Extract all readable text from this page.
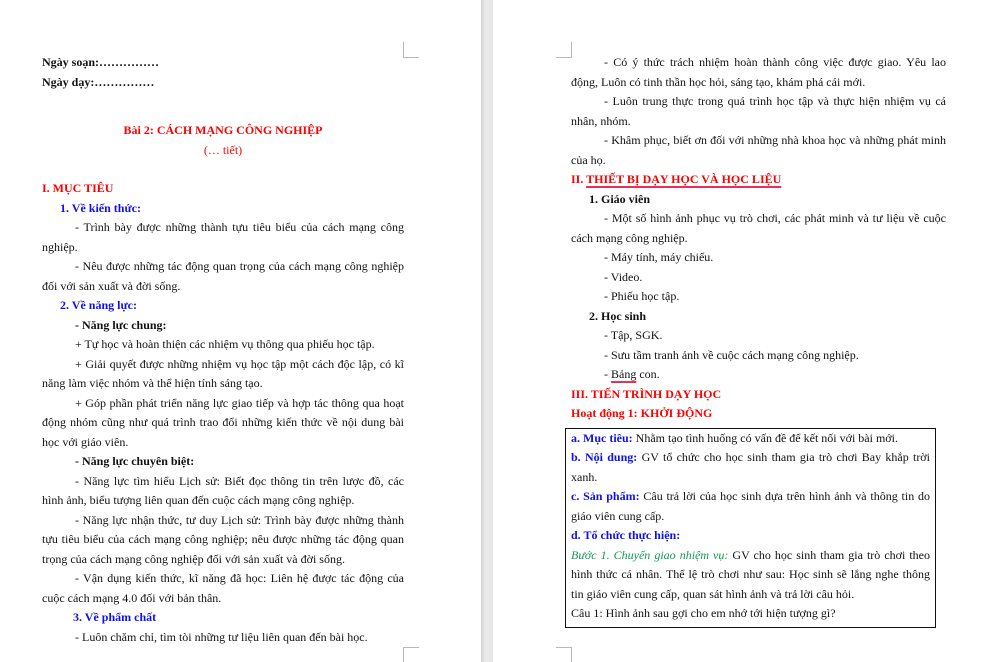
Ngày soạn:……………
Ngày dạy:……………
Bài 2: CÁCH MẠNG CÔNG NGHIỆP
(… tiết)
I. MỤC TIÊU
1. Về kiến thức:
- Trình bày được những thành tựu tiêu biểu của cách mạng công nghiệp.
- Nêu được những tác động quan trọng của cách mạng công nghiệp đối với sản xuất và đời sống.
2. Về năng lực:
- Năng lực chung:
+ Tự học và hoàn thiện các nhiệm vụ thông qua phiếu học tập.
+ Giải quyết được những nhiệm vụ học tập một cách độc lập, có kĩ năng làm việc nhóm và thể hiện tính sáng tạo.
+ Góp phần phát triển năng lực giao tiếp và hợp tác thông qua hoạt động nhóm cũng như quá trình trao đổi những kiến thức về nội dung bài học với giáo viên.
- Năng lực chuyên biệt:
- Năng lực tìm hiểu Lịch sử: Biết đọc thông tin trên lược đồ, các hình ảnh, biểu tượng liên quan đến cuộc cách mạng công nghiệp.
- Năng lực nhận thức, tư duy Lịch sử: Trình bày được những thành tựu tiêu biểu của cách mạng công nghiệp; nêu được những tác động quan trọng của cách mạng công nghiệp đối với sản xuất và đời sống.
- Vận dụng kiến thức, kĩ năng đã học: Liên hệ được tác động của cuộc cách mạng 4.0 đối với bản thân.
3. Về phẩm chất
- Luôn chăm chỉ, tìm tòi những tư liệu liên quan đến bài học.
- Có ý thức trách nhiệm hoàn thành công việc được giao. Yêu lao động, Luôn có tinh thần học hỏi, sáng tạo, khám phá cái mới.
- Luôn trung thực trong quá trình học tập và thực hiện nhiệm vụ cá nhân, nhóm.
- Khâm phục, biết ơn đối với những nhà khoa học và những phát minh của họ.
II. THIẾT BỊ DẠY HỌC VÀ HỌC LIỆU
1. Giáo viên
- Một số hình ảnh phục vụ trò chơi, các phát minh và tư liệu về cuộc cách mạng công nghiệp.
- Máy tính, máy chiếu.
- Video.
- Phiếu học tập.
2. Học sinh
- Tập, SGK.
- Sưu tầm tranh ảnh về cuộc cách mạng công nghiệp.
- Bảng con.
III. TIẾN TRÌNH DẠY HỌC
Hoạt động 1: KHỞI ĐỘNG
a. Mục tiêu: Nhằm tạo tình huống có vấn đề để kết nối với bài mới.
b. Nội dung: GV tổ chức cho học sinh tham gia trò chơi Bay khắp trời xanh.
c. Sản phẩm: Câu trả lời của học sinh dựa trên hình ảnh và thông tin do giáo viên cung cấp.
d. Tổ chức thực hiện:
Bước 1. Chuyển giao nhiệm vụ: GV cho học sinh tham gia trò chơi theo hình thức cá nhân. Thể lệ trò chơi như sau: Học sinh sẽ lắng nghe thông tin giáo viên cung cấp, quan sát hình ảnh và trả lời câu hỏi.
Câu 1: Hình ảnh sau gợi cho em nhớ tới hiện tượng gì?
